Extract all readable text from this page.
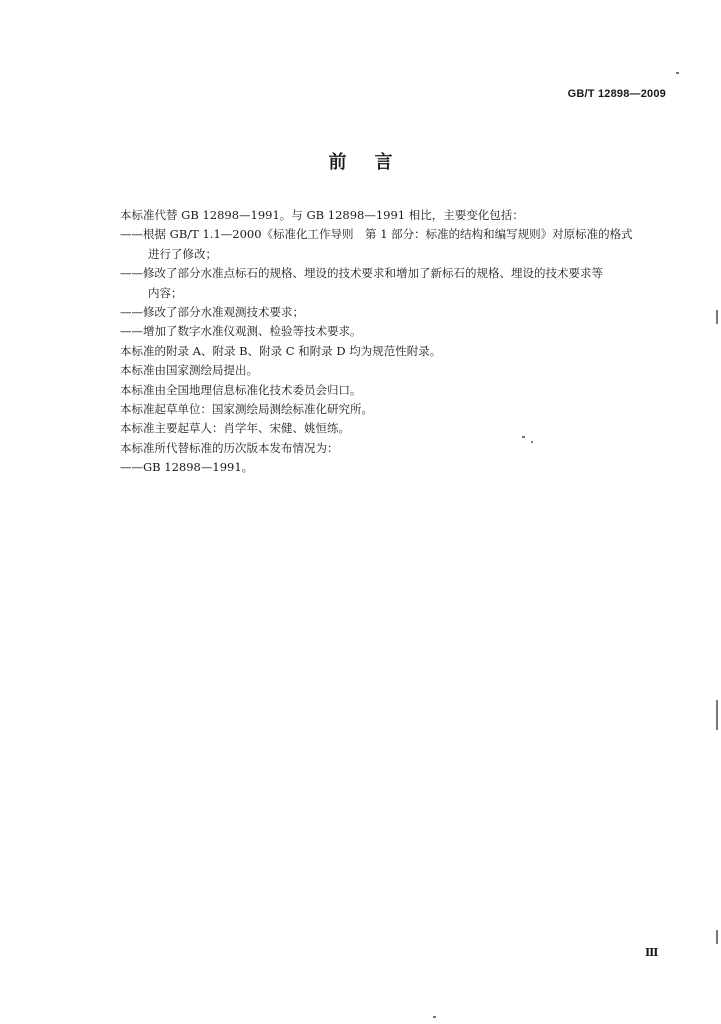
GB/T 12898—2009
前言
本标准代替 GB 12898—1991。与 GB 12898—1991 相比，主要变化包括：
——根据 GB/T 1.1—2000《标准化工作导则　第 1 部分：标准的结构和编写规则》对原标准的格式
进行了修改；
——修改了部分水准点标石的规格、埋设的技术要求和增加了新标石的规格、埋设的技术要求等
内容；
——修改了部分水准观测技术要求；
——增加了数字水准仪观测、检验等技术要求。
本标准的附录 A、附录 B、附录 C 和附录 D 均为规范性附录。
本标准由国家测绘局提出。
本标准由全国地理信息标准化技术委员会归口。
本标准起草单位：国家测绘局测绘标准化研究所。
本标准主要起草人：肖学年、宋健、姚恒练。
本标准所代替标准的历次版本发布情况为：
——GB 12898—1991。
Ⅲ
